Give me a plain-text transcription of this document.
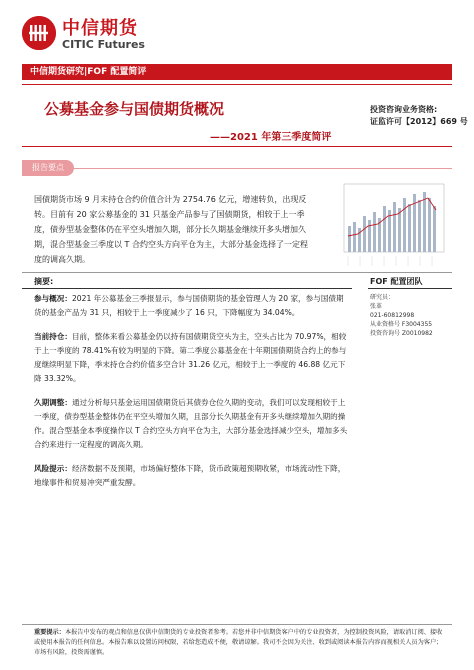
中信期货
CITIC Futures
中信期货研究|FOF 配置简评	2021-10-30
公募基金参与国债期货概况
——2021 年第三季度简评
投资咨询业务资格:
证监许可【2012】669 号
报告要点
国债期货市场 9 月末持仓合约价值合计为 2754.76 亿元，增速转负，出现反转。目前有 20 家公募基金的 31 只基金产品参与了国债期货，相较于上一季度，债券型基金整体仍在平空头增加久期，部分长久期基金继续开多头增加久期，混合型基金三季度以 T 合约空头方向平仓为主，大部分基金选择了一定程度的调高久期。
摘要:

参与概况：2021 年公募基金三季报显示，参与国债期货的基金管理人为 20 家，参与国债期货的基金产品为 31 只，相较于上一季度减少了 16 只，下降幅度为 34.04%。

当前持仓：目前，整体来看公募基金仍以持有国债期货空头为主，空头占比为 70.97%，相较于上一季度的 78.41%有较为明显的下降。第二季度公募基金在十年期国债期货合约上的参与度继续明显下降，季末持仓合约价值多空合计 31.26 亿元，相较于上一季度的 46.88 亿元下降 33.32%。

久期调整：通过分析每只基金运用国债期货后其债券仓位久期的变动，我们可以发现相较于上一季度，债券型基金整体仍在平空头增加久期，且部分长久期基金有开多头继续增加久期的操作。混合型基金本季度操作以 T 合约空头方向平仓为主，大部分基金选择减少空头，增加多头合约来进行一定程度的调高久期。

风险提示：经济数据不及预期，市场偏好整体下降，货币政策超预期收紧，市场流动性下降，地缘事件和贸易冲突严重发酵。

FOF 配置团队
研究员：
张革
021-60812998
从业资格号 F3004355
投资咨询号 Z0010982
重要提示：本报告中发布的观点和信息仅供中信期货的专业投资者参考。若您并非中信期货客户中的专业投资者，为控制投资风险，请取消订阅、接收或使用本报告的任何信息。本报告难以设置访问权限，若给您造成不便，敬请谅解。我司不会因为关注、收到或阅读本报告内容而视相关人员为客户；市场有风险，投资需谨慎。
